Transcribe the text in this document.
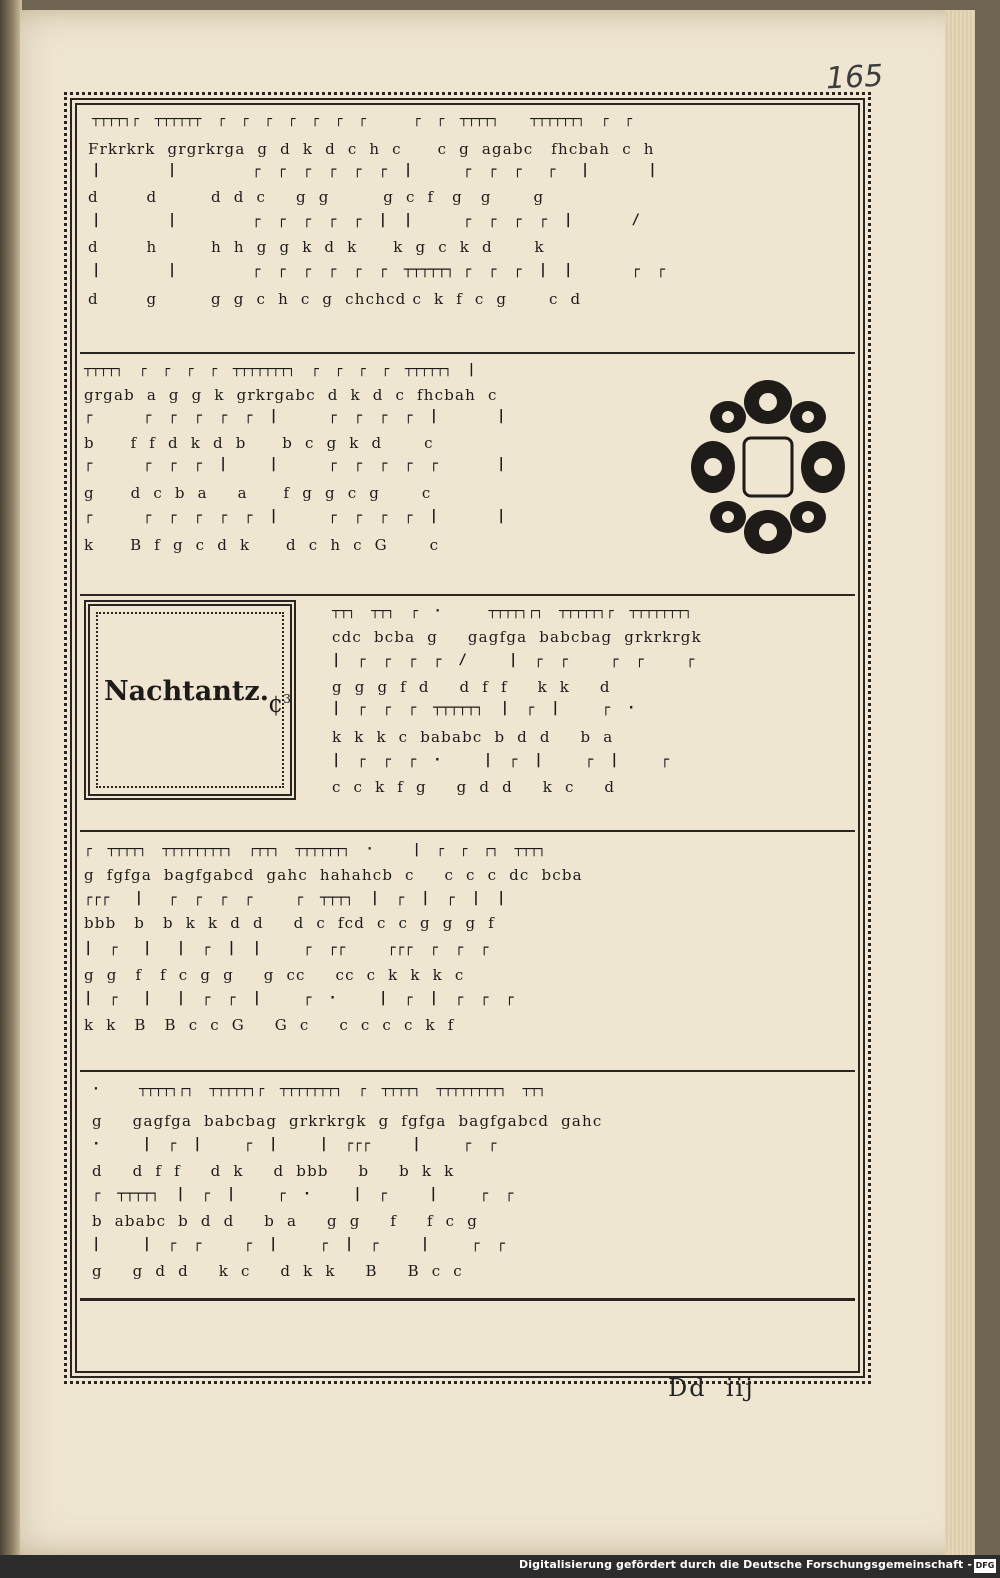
165
┬┬┬┬┐┌  ┬┬┬┬┬┬  ┌  ┌  ┌  ┌  ┌  ┌  ┌      ┌  ┌  ┬┬┬┬┐    ┬┬┬┬┬┬┐  ┌  ┌
Frkrkrk  grgrkrga  g  d  k  d  c  h  c      c  g  agabc   fhcbah  c  h
|        |         ┌  ┌  ┌  ┌  ┌  ┌  |      ┌  ┌  ┌   ┌   |       |
d        d         d  d  c     g  g         g  c  f   g   g       g
|        |         ┌  ┌  ┌  ┌  ┌  |  |      ┌  ┌  ┌  ┌  |       /
d        h         h  h  g  g  k  d  k      k  g  c  k  d       k
|        |         ┌  ┌  ┌  ┌  ┌  ┌  ┬┬┬┬┬┐ ┌  ┌  ┌  |  |       ┌  ┌
d        g         g  g  c  h  c  g  chchcd c  k  f  c  g       c  d
┬┬┬┬┐  ┌  ┌  ┌  ┌  ┬┬┬┬┬┬┬┐  ┌  ┌  ┌  ┌  ┬┬┬┬┬┐  |
grgab  a  g  g  k  grkrgabc  d  k  d  c  fhcbah  c
┌      ┌  ┌  ┌  ┌  ┌  |      ┌  ┌  ┌  ┌  |       |
b      f  f  d  k  d  b      b  c  g  k  d       c
┌      ┌  ┌  ┌  |     |      ┌  ┌  ┌  ┌  ┌       |
g      d  c  b  a     a      f  g  g  c  g       c
┌      ┌  ┌  ┌  ┌  ┌  |      ┌  ┌  ┌  ┌  |       |
k      B  f  g  c  d  k      d  c  h  c  G       c
Nachtantz.
¢$^3$
┬┬┐  ┬┬┐  ┌  ·      ┬┬┬┬┐┌┐  ┬┬┬┬┬┐┌  ┬┬┬┬┬┬┬┐
cdc  bcba  g     gagfga  babcbag  grkrkrgk
|  ┌  ┌  ┌  ┌  /     |  ┌  ┌     ┌  ┌     ┌
g  g  g  f  d     d  f  f     k  k     d
|  ┌  ┌  ┌  ┬┬┬┬┬┐  |  ┌  |     ┌  ·
k  k  k  c  bababc  b  d  d     b  a
|  ┌  ┌  ┌  ·     |  ┌  |     ┌  |     ┌
c  c  k  f  g     g  d  d     k  c     d
┌  ┬┬┬┬┐  ┬┬┬┬┬┬┬┬┐  ┌┬┬┐  ┬┬┬┬┬┬┐  ·     |  ┌  ┌  ┌┐  ┬┬┬┐
g  fgfga  bagfgabcd  gahc  hahahcb  c     c  c  c  dc  bcba
┌┌┌   |   ┌  ┌  ┌  ┌     ┌  ┬┬┬┐  |  ┌  |  ┌  |  |
bbb   b   b  k  k  d  d     d  c  fcd  c  c  g  g  g  f
|  ┌   |   |  ┌  |  |     ┌  ┌┌     ┌┌┌  ┌  ┌  ┌
g  g   f   f  c  g  g     g  cc     cc  c  k  k  k  c
|  ┌   |   |  ┌  ┌  |     ┌  ·     |  ┌  |  ┌  ┌  ┌
k  k   B   B  c  c  G     G  c     c  c  c  c  k  f
·     ┬┬┬┬┐┌┐  ┬┬┬┬┬┐┌  ┬┬┬┬┬┬┬┐  ┌  ┬┬┬┬┐  ┬┬┬┬┬┬┬┬┐  ┬┬┐
g     gagfga  babcbag  grkrkrgk  g  fgfga  bagfgabcd  gahc
·     |  ┌  |     ┌  |     |  ┌┌┌     |     ┌  ┌
d     d  f  f     d  k     d  bbb     b     b  k  k
┌  ┬┬┬┬┐  |  ┌  |     ┌  ·     |  ┌     |     ┌  ┌
b  ababc  b  d  d     b  a     g  g     f     f  c  g
|     |  ┌  ┌     ┌  |     ┌  |  ┌     |     ┌  ┌
g     g  d  d     k  c     d  k  k     B     B  c  c
Dd  iij
Digitalisierung gefördert durch die Deutsche Forschungsgemeinschaft - DFG
